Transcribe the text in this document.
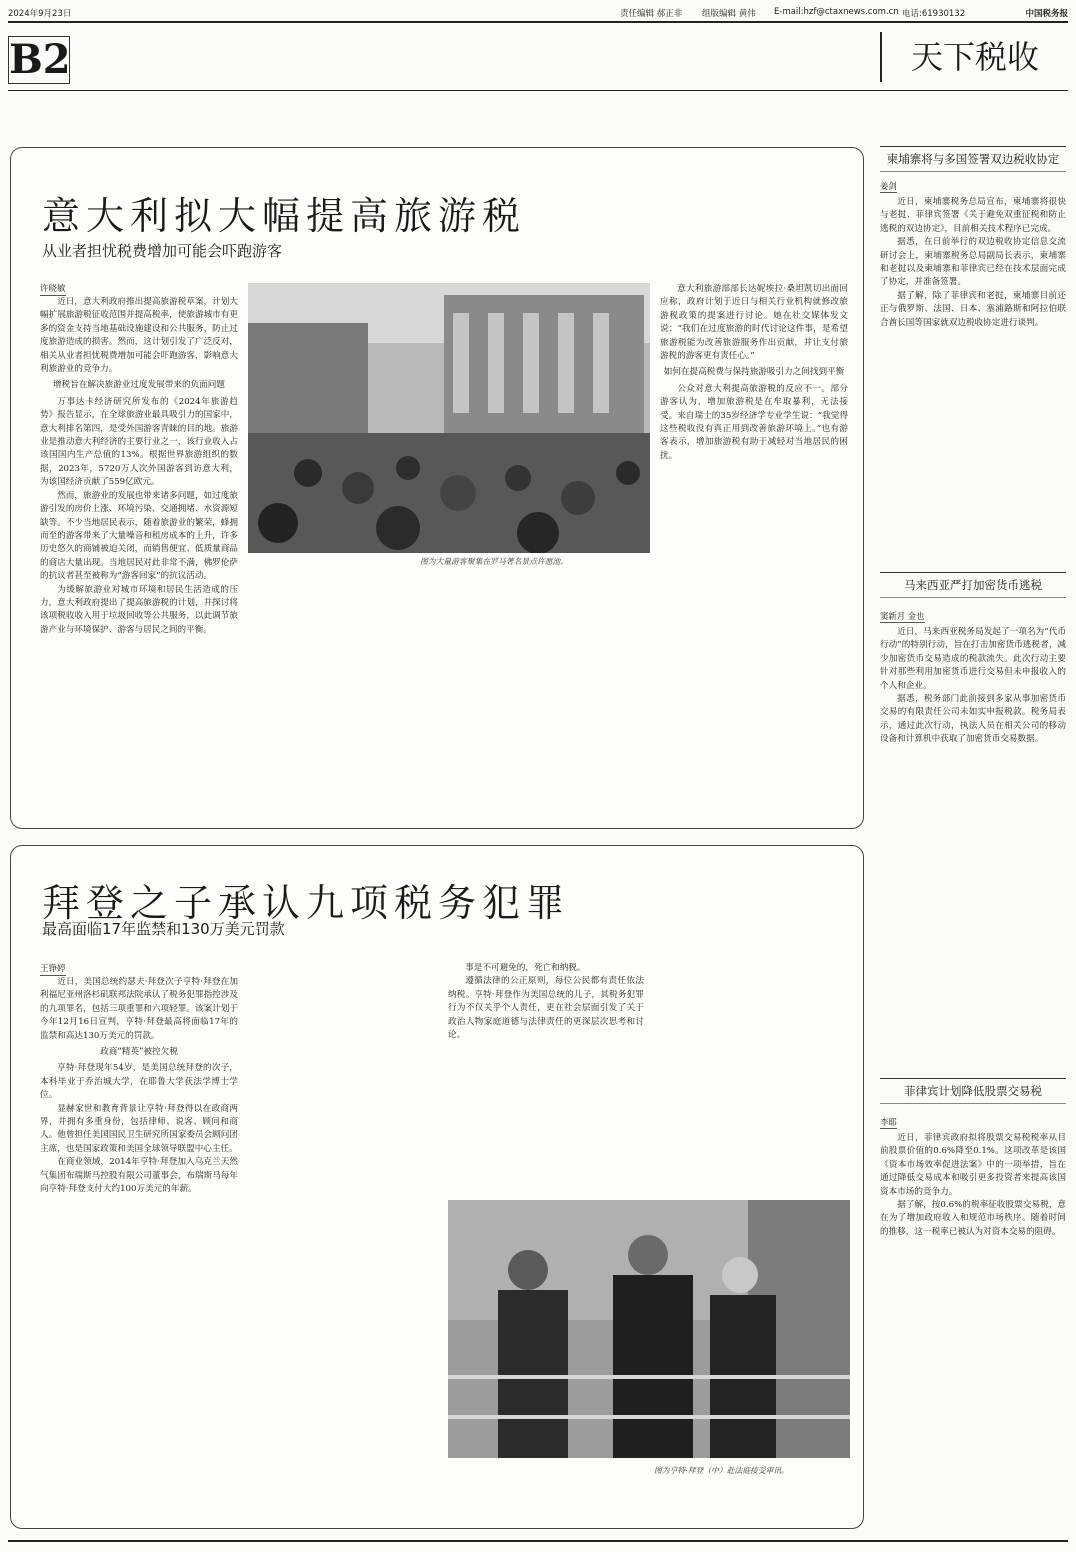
2024年9月23日	责任编辑 郝正非 组版编辑 黄伟 E-mail:hzf@ctaxnews.com.cn 电话:61930132	中国税务报
B2	天下税收
意大利拟大幅提高旅游税
从业者担忧税费增加可能会吓跑游客
许晓敏

近日，意大利政府推出提高旅游税草案，计划大幅扩展旅游税征收范围并提高税率，使旅游城市有更多的资金支持当地基础设施建设和公共服务，防止过度旅游造成的损害。然而，这计划引发了广泛反对，相关从业者担忧税费增加可能会吓跑游客，影响意大利旅游业的竞争力。

增税旨在解决旅游业过度发展带来的负面问题

万事达卡经济研究所发布的《2024年旅游趋势》报告显示，在全球旅游业最具吸引力的国家中，意大利排名第四，是受外国游客青睐的目的地。旅游业是推动意大利经济的主要行业之一，该行业收入占该国国内生产总值的13%。根据世界旅游组织的数据，2023年，5720万人次外国游客到访意大利，为该国经济贡献了559亿欧元。

然而，旅游业的发展也带来诸多问题，如过度旅游引发的房价上涨、环境污染、交通拥堵、水资源短缺等。不少当地居民表示，随着旅游业的繁荣，蜂拥而至的游客带来了大量噪音和租房成本的上升，许多历史悠久的商铺被迫关闭，而销售便宜、低质量商品的商店大量出现。当地居民对此非常不满，佛罗伦萨的抗议者甚至被称为“游客回家”的抗议活动。

为缓解旅游业对城市环境和居民生活造成的压力，意大利政府提出了提高旅游税的计划，并探讨将该项税收收入用于垃圾回收等公共服务，以此调节旅游产业与环境保护、游客与居民之间的平衡。

图为大量游客聚集在罗马著名景点许愿池。

意大利旅游部部长达妮埃拉·桑坦凯切出面回应称，政府计划于近日与相关行业机构就修改旅游税政策的提案进行讨论。她在社交媒体发文说：“我们在过度旅游的时代讨论这件事，是希望旅游税能为改善旅游服务作出贡献，并让支付旅游税的游客更有责任心。”

如何在提高税费与保持旅游吸引力之间找到平衡

公众对意大利提高旅游税的反应不一。部分游客认为，增加旅游税是在牟取暴利，无法接受。来自瑞士的35岁经济学专业学生说：“我觉得这些税收没有真正用到改善旅游环境上。”也有游客表示，增加旅游税有助于减轻对当地居民的困扰。

拜登之子承认九项税务犯罪
最高面临17年监禁和130万美元罚款
王铮婷

近日，美国总统约瑟夫·拜登次子亨特·拜登在加利福尼亚州洛杉矶联邦法院承认了税务犯罪指控涉及的九项罪名，包括三项重罪和六项轻罪。该案计划于今年12月16日宣判，亨特·拜登最高将面临17年的监禁和高达130万美元的罚款。

政商“精英”被控欠税

亨特·拜登现年54岁，是美国总统拜登的次子，本科毕业于乔治城大学，在耶鲁大学获法学博士学位。

显赫家世和教育背景让亨特·拜登得以在政商两界，并拥有多重身份，包括律师、说客、顾问和商人。他曾担任美国国民卫生研究所国家委员会顾问团主席，也是国家政策和美国全球领导联盟中心主任。

在商业领域，2014年亨特·拜登加入乌克兰天然气集团布瑞斯马控股有限公司董事会，布瑞斯马每年向亨特·拜登支付大约100万美元的年薪。

事是不可避免的，死亡和纳税。

遵循法律的公正原则，每位公民都有责任依法纳税。亨特·拜登作为美国总统的儿子，其税务犯罪行为不仅关乎个人责任，更在社会层面引发了关于政治人物家庭道德与法律责任的更深层次思考和讨论。

图为亨特·拜登（中）赴法庭接受审讯。
柬埔寨将与多国签署双边税收协定
姜剑

近日，柬埔寨税务总局宣布，柬埔寨将很快与老挝、菲律宾签署《关于避免双重征税和防止逃税的双边协定》，目前相关技术程序已完成。

据悉，在日前举行的双边税收协定信息交流研讨会上，柬埔寨税务总局副局长表示，柬埔寨和老挝以及柬埔寨和菲律宾已经在技术层面完成了协定，并准备签署。

据了解，除了菲律宾和老挝，柬埔寨目前还正与俄罗斯、法国、日本、塞浦路斯和阿拉伯联合酋长国等国家就双边税收协定进行谈判。

马来西亚严打加密货币逃税
窦新月 金也

近日，马来西亚税务局发起了一项名为“代币行动”的特别行动，旨在打击加密货币逃税者，减少加密货币交易造成的税款流失。此次行动主要针对那些利用加密货币进行交易但未申报收入的个人和企业。

据悉，税务部门此前接到多家从事加密货币交易的有限责任公司未如实申报税款。税务局表示，通过此次行动，执法人员在相关公司的移动设备和计算机中获取了加密货币交易数据。

菲律宾计划降低股票交易税
李耶

近日，菲律宾政府拟将股票交易税税率从目前股票价值的0.6%降至0.1%。这项改革是该国《资本市场效率促进法案》中的一项举措，旨在通过降低交易成本和吸引更多投资者来提高该国资本市场的竞争力。

据了解，按0.6%的税率征收股票交易税，意在为了增加政府收入和规范市场秩序。随着时间的推移，这一税率已被认为对资本交易的阻碍。
